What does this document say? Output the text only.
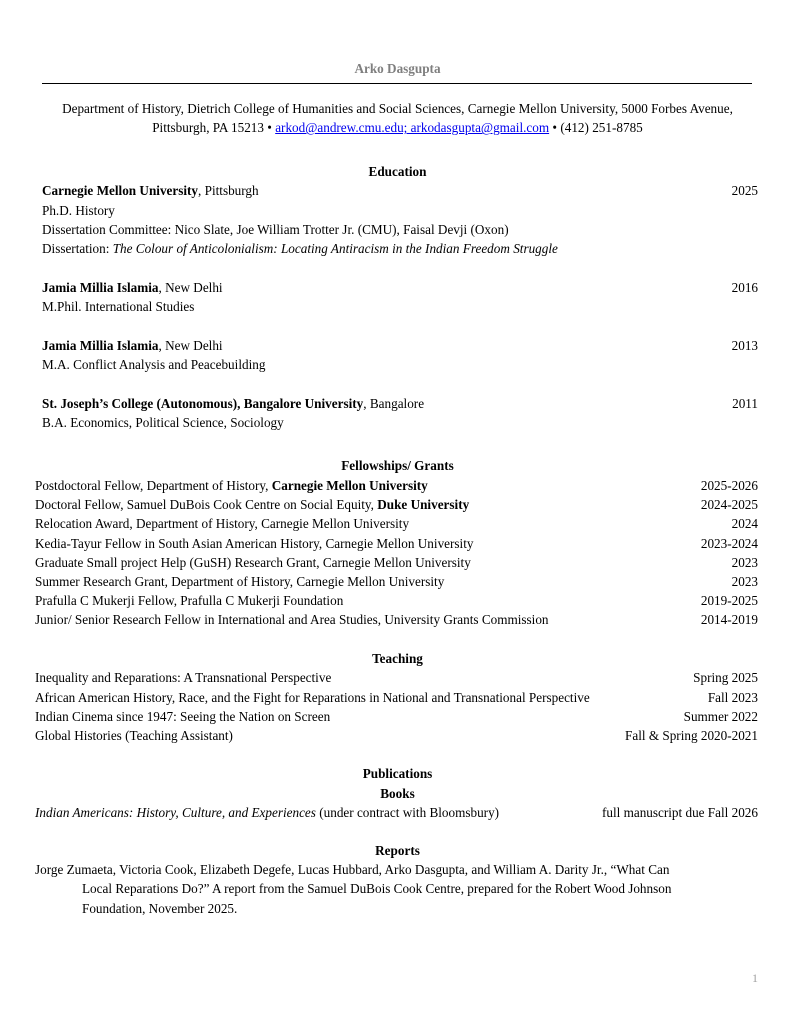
Arko Dasgupta
Department of History, Dietrich College of Humanities and Social Sciences, Carnegie Mellon University, 5000 Forbes Avenue, Pittsburgh, PA 15213 • arkod@andrew.cmu.edu; arkodasgupta@gmail.com • (412) 251-8785
Education
Carnegie Mellon University, Pittsburgh	2025
Ph.D. History
Dissertation Committee: Nico Slate, Joe William Trotter Jr. (CMU), Faisal Devji (Oxon)
Dissertation: The Colour of Anticolonialism: Locating Antiracism in the Indian Freedom Struggle
Jamia Millia Islamia, New Delhi	2016
M.Phil. International Studies
Jamia Millia Islamia, New Delhi	2013
M.A. Conflict Analysis and Peacebuilding
St. Joseph’s College (Autonomous), Bangalore University, Bangalore	2011
B.A. Economics, Political Science, Sociology
Fellowships/ Grants
Postdoctoral Fellow, Department of History, Carnegie Mellon University	2025-2026
Doctoral Fellow, Samuel DuBois Cook Centre on Social Equity, Duke University	2024-2025
Relocation Award, Department of History, Carnegie Mellon University	2024
Kedia-Tayur Fellow in South Asian American History, Carnegie Mellon University	2023-2024
Graduate Small project Help (GuSH) Research Grant, Carnegie Mellon University	2023
Summer Research Grant, Department of History, Carnegie Mellon University	2023
Prafulla C Mukerji Fellow, Prafulla C Mukerji Foundation	2019-2025
Junior/ Senior Research Fellow in International and Area Studies, University Grants Commission	2014-2019
Teaching
Inequality and Reparations: A Transnational Perspective	Spring 2025
African American History, Race, and the Fight for Reparations in National and Transnational Perspective	Fall 2023
Indian Cinema since 1947: Seeing the Nation on Screen	Summer 2022
Global Histories (Teaching Assistant)	Fall & Spring 2020-2021
Publications
Books
Indian Americans: History, Culture, and Experiences (under contract with Bloomsbury)	full manuscript due Fall 2026
Reports
Jorge Zumaeta, Victoria Cook, Elizabeth Degefe, Lucas Hubbard, Arko Dasgupta, and William A. Darity Jr., “What Can
Local Reparations Do?” A report from the Samuel DuBois Cook Centre, prepared for the Robert Wood Johnson
Foundation, November 2025.
1
